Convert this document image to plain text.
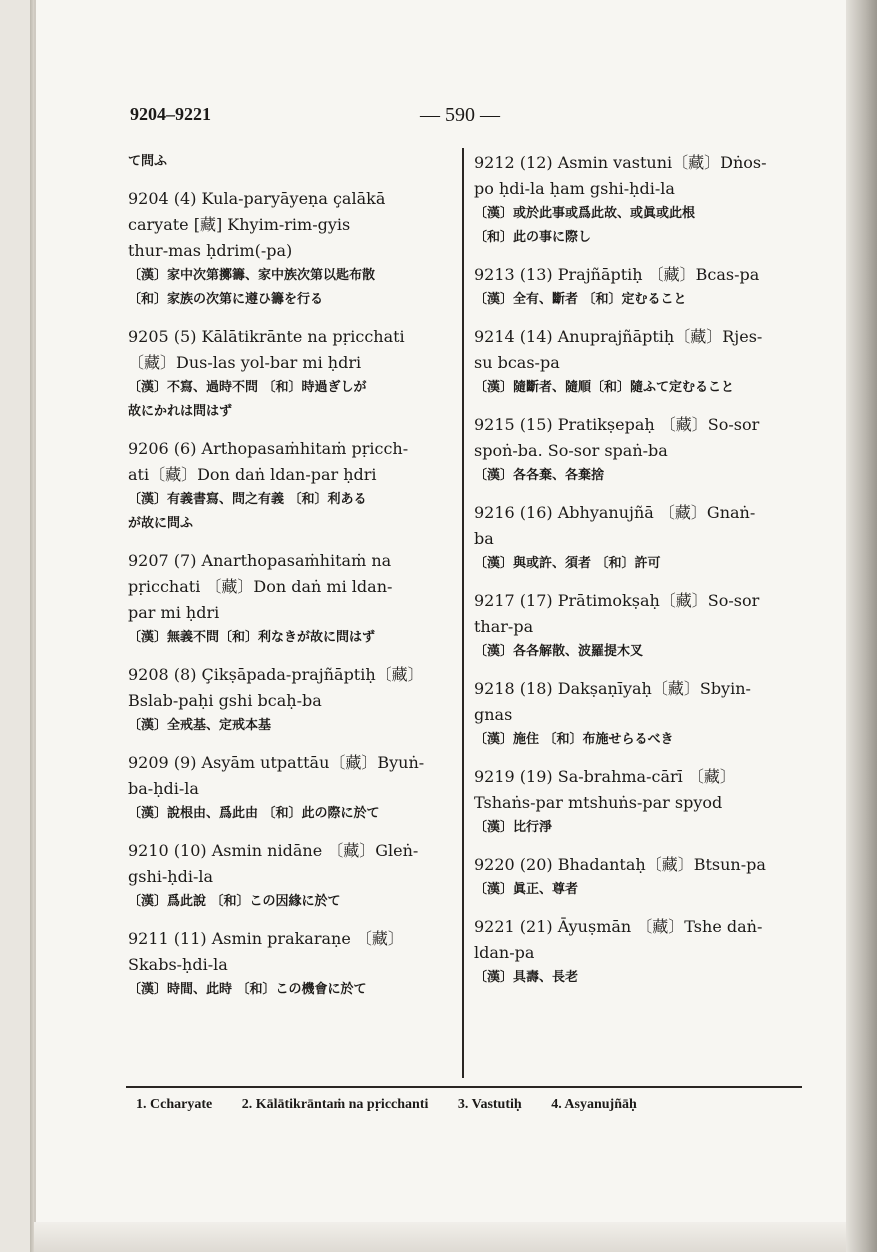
9204–9221	— 590 —
て問ふ
9204 (4) Kula-paryāyeṇa çalākā
caryate [藏] Khyim-rim-gyis
thur-mas ḥdrim(-pa)
〔漢〕家中次第擲籌、家中族次第以匙布散
〔和〕家族の次第に遵ひ籌を行る
9205 (5) Kālātikrānte na pṛicchati
〔藏〕Dus-las yol-bar mi ḥdri
〔漢〕不寫、過時不問 〔和〕時過ぎしが
故にかれは問はず
9206 (6) Arthopasaṁhitaṁ pṛicch-
ati〔藏〕Don daṅ ldan-par ḥdri
〔漢〕有義書寫、問之有義 〔和〕利ある
が故に問ふ
9207 (7) Anarthopasaṁhitaṁ na
pṛicchati 〔藏〕Don daṅ mi ldan-
par mi ḥdri
〔漢〕無義不問〔和〕利なきが故に問はず
9208 (8) Çikṣāpada-prajñāptiḥ〔藏〕
Bslab-paḥi gshi bcaḥ-ba
〔漢〕全戒基、定戒本基
9209 (9) Asyām utpattāu〔藏〕Byuṅ-
ba-ḥdi-la
〔漢〕說根由、爲此由 〔和〕此の際に於て
9210 (10) Asmin nidāne 〔藏〕Gleṅ-
gshi-ḥdi-la
〔漢〕爲此說 〔和〕この因緣に於て
9211 (11) Asmin prakaraṇe 〔藏〕
Skabs-ḥdi-la
〔漢〕時間、此時 〔和〕この機會に於て
9212 (12) Asmin vastuni〔藏〕Dṅos-
po ḥdi-la ḥam gshi-ḥdi-la
〔漢〕或於此事或爲此故、或眞或此根
〔和〕此の事に際し
9213 (13) Prajñāptiḥ 〔藏〕Bcas-pa
〔漢〕全有、斷者 〔和〕定むること
9214 (14) Anuprajñāptiḥ〔藏〕Rjes-
su bcas-pa
〔漢〕隨斷者、隨順〔和〕隨ふて定むること
9215 (15) Pratikṣepaḥ 〔藏〕So-sor
spoṅ-ba. So-sor spaṅ-ba
〔漢〕各各棄、各棄捨
9216 (16) Abhyanujñā 〔藏〕Gnaṅ-
ba
〔漢〕與或許、須者 〔和〕許可
9217 (17) Prātimokṣaḥ〔藏〕So-sor
thar-pa
〔漢〕各各解散、波羅提木叉
9218 (18) Dakṣaṇīyaḥ〔藏〕Sbyin-
gnas
〔漢〕施住 〔和〕布施せらるべき
9219 (19) Sa-brahma-cārī 〔藏〕
Tshaṅs-par mtshuṅs-par spyod
〔漢〕比行淨
9220 (20) Bhadantaḥ〔藏〕Btsun-pa
〔漢〕眞正、尊者
9221 (21) Āyuṣmān 〔藏〕Tshe daṅ-
ldan-pa
〔漢〕具壽、長老
1. Ccharyate 2. Kālātikrāntaṁ na pṛicchanti 3. Vastutiḥ 4. Asyanujñāḥ
